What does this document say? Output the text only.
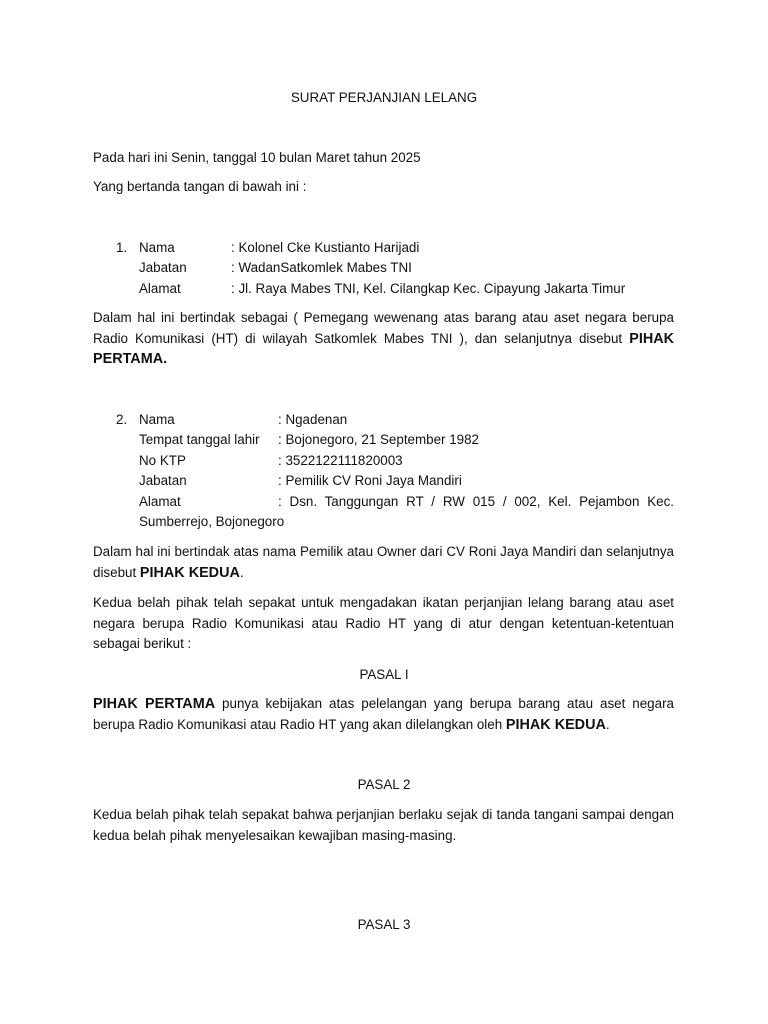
SURAT PERJANJIAN LELANG
Pada hari ini Senin, tanggal 10 bulan Maret tahun 2025
Yang bertanda tangan di bawah ini :
1. Nama	: Kolonel Cke Kustianto Harijadi
Jabatan	: WadanSatkomlek Mabes TNI
Alamat	: Jl. Raya Mabes TNI, Kel. Cilangkap Kec. Cipayung Jakarta Timur
Dalam hal ini bertindak sebagai ( Pemegang wewenang atas barang atau aset negara berupa Radio Komunikasi (HT) di wilayah Satkomlek Mabes TNI ), dan selanjutnya disebut PIHAK PERTAMA.
2. Nama	: Ngadenan
Tempat tanggal lahir : Bojonegoro, 21 September 1982
No KTP	: 3522122111820003
Jabatan	: Pemilik CV Roni Jaya Mandiri
Alamat	: Dsn. Tanggungan RT / RW 015 / 002, Kel. Pejambon Kec.
Sumberrejo, Bojonegoro
Dalam hal ini bertindak atas nama Pemilik atau Owner dari CV Roni Jaya Mandiri dan selanjutnya disebut PIHAK KEDUA.
Kedua belah pihak telah sepakat untuk mengadakan ikatan perjanjian lelang barang atau aset negara berupa Radio Komunikasi atau Radio HT yang di atur dengan ketentuan-ketentuan sebagai berikut :
PASAL I
PIHAK PERTAMA punya kebijakan atas pelelangan yang berupa barang atau aset negara berupa Radio Komunikasi atau Radio HT yang akan dilelangkan oleh PIHAK KEDUA.
PASAL 2
Kedua belah pihak telah sepakat bahwa perjanjian berlaku sejak di tanda tangani sampai dengan kedua belah pihak menyelesaikan kewajiban masing-masing.
PASAL 3
